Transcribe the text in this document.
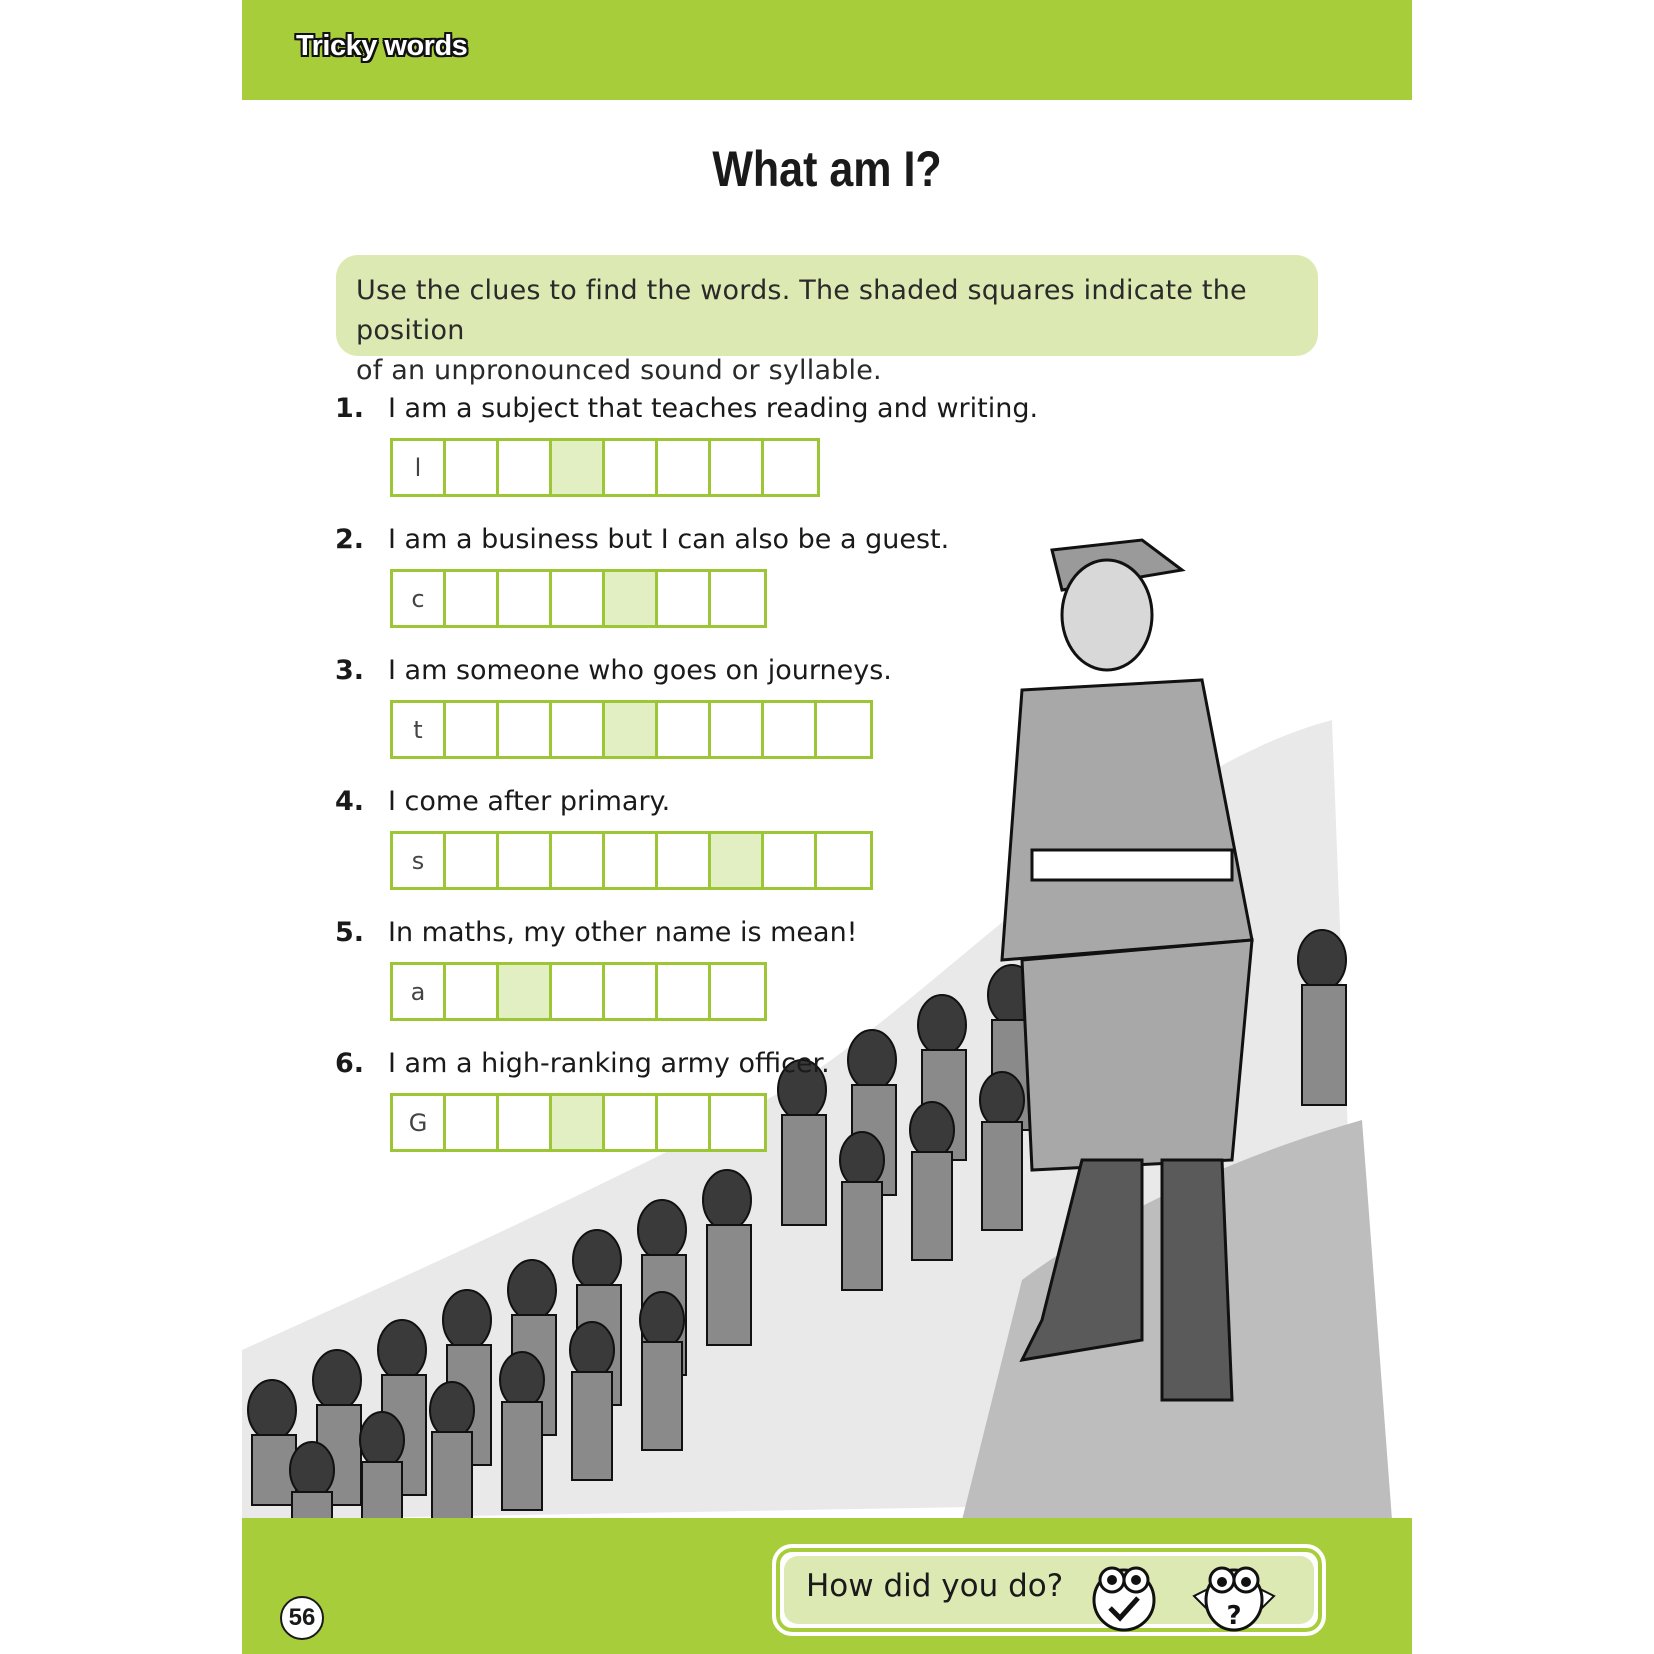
Tricky words
What am I?
Use the clues to find the words. The shaded squares indicate the position
of an unpronounced sound or syllable.
1. I am a subject that teaches reading and writing.
l
2. I am a business but I can also be a guest.
c
3. I am someone who goes on journeys.
t
4. I come after primary.
s
5. In maths, my other name is mean!
a
6. I am a high-ranking army officer.
G
56
How did you do?
?
